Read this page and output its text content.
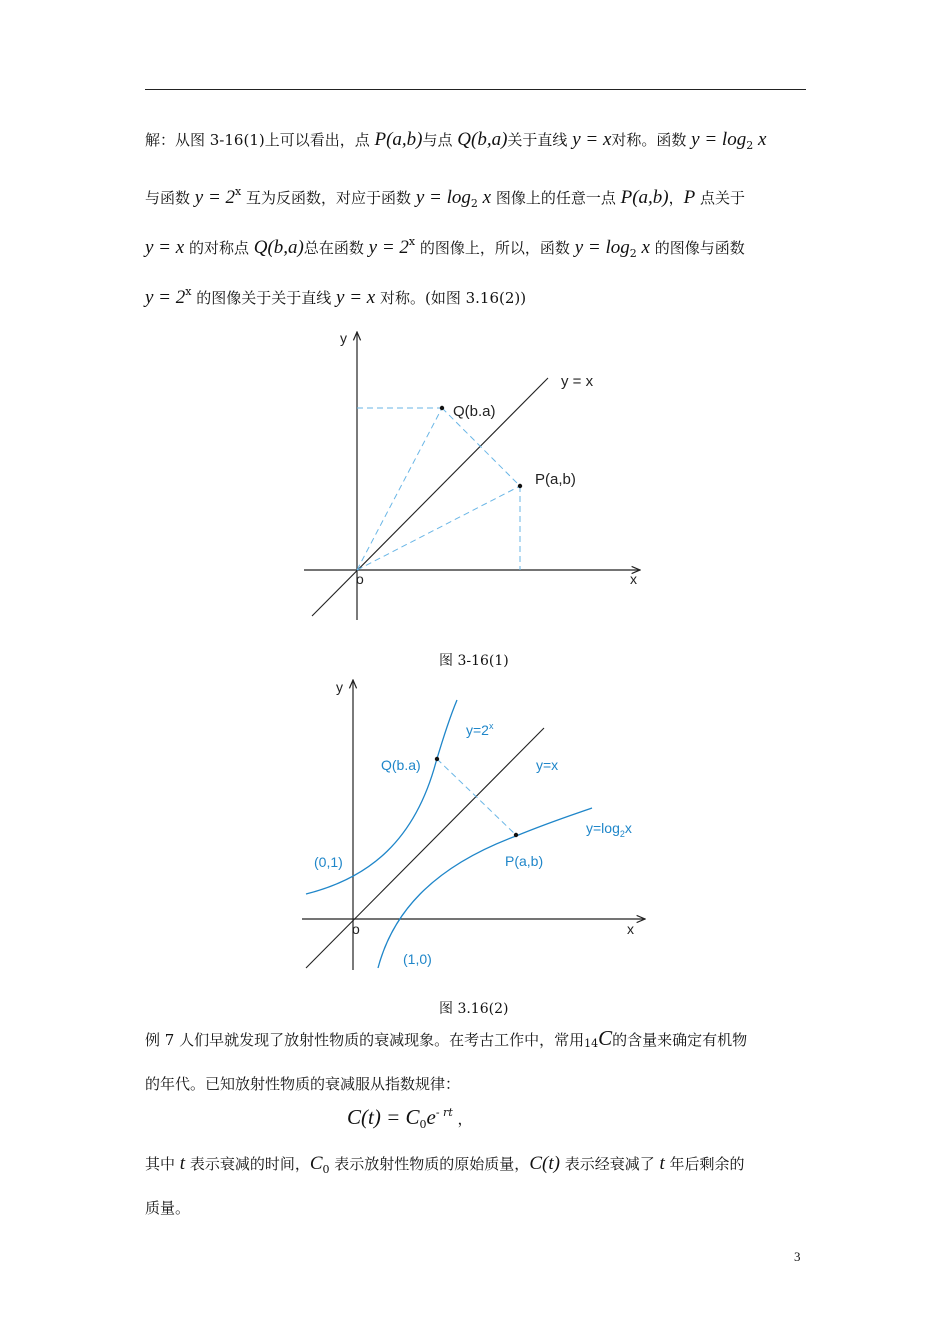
解：从图 3-16(1)上可以看出，点 P(a,b)与点 Q(b,a)关于直线 y = x对称。函数 $y = \log_2 x$
与函数 $y = 2^x$ 互为反函数，对应于函数 $y = \log_2 x$ 图像上的任意一点 P(a,b)，P 点关于
y = x 的对称点 Q(b,a)总在函数 $y = 2^x$ 的图像上，所以，函数 $y = \log_2 x$ 的图像与函数
$y = 2^x$ 的图像关于关于直线 y = x 对称。(如图 3.16(2))
y
x
o
y = x
Q(b.a)
P(a,b)
图 3-16(1)
y
x
o
$y=2^x$
y=x
$y=\log_2x$
Q(b.a)
P(a,b)
(0,1)
(1,0)
图 3.16(2)
例 7 人们早就发现了放射性物质的衰减现象。在考古工作中，常用14C的含量来确定有机物
的年代。已知放射性物质的衰减服从指数规律：
$C(t) = C_0e^{- rt}$ ，
其中 t 表示衰减的时间，$C_0$ 表示放射性物质的原始质量，C(t) 表示经衰减了 t 年后剩余的
质量。
3
